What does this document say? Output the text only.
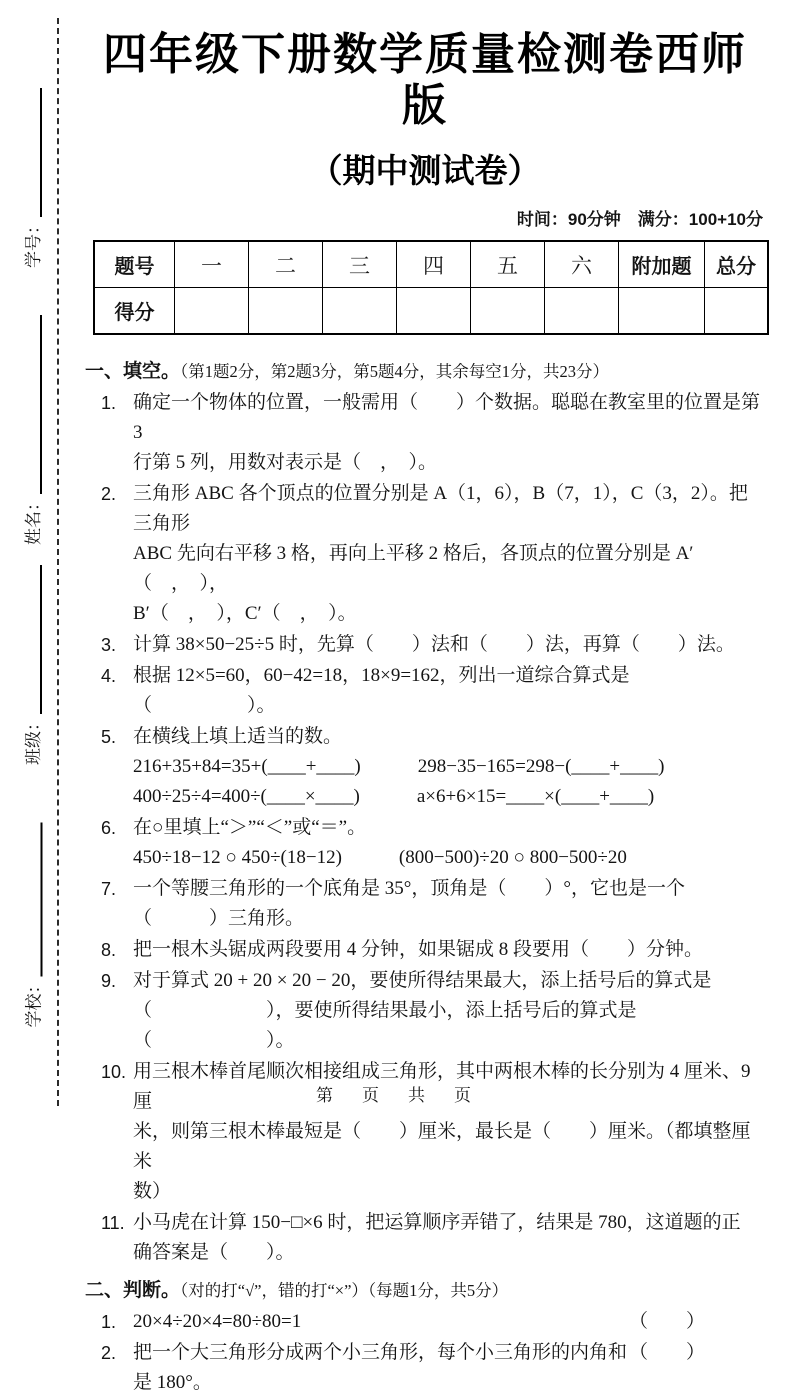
学号：
姓名：
班级：
学校：
四年级下册数学质量检测卷西师版
（期中测试卷）
时间：90分钟　满分：100+10分
题号	一	二	三	四	五	六	附加题	总分
得分
一、填空。（第1题2分，第2题3分，第5题4分，其余每空1分，共23分）
1. 确定一个物体的位置，一般需用（　　）个数据。聪聪在教室里的位置是第 3
行第 5 列，用数对表示是（　，　）。
2. 三角形 ABC 各个顶点的位置分别是 A（1，6），B（7，1），C（3，2）。把三角形
ABC 先向右平移 3 格，再向上平移 2 格后，各顶点的位置分别是 A′（　，　），
B′（　，　），C′（　，　）。
3. 计算 38×50−25÷5 时，先算（　　）法和（　　）法，再算（　　）法。
4. 根据 12×5=60，60−42=18，18×9=162，列出一道综合算式是（　　　　　）。
5. 在横线上填上适当的数。
216+35+84=35+(____+____)　　　298−35−165=298−(____+____)
400÷25÷4=400÷(____×____)　　　a×6+6×15=____×(____+____)
6. 在○里填上“＞”“＜”或“＝”。
450÷18−12 ○ 450÷(18−12)　　　(800−500)÷20 ○ 800−500÷20
7. 一个等腰三角形的一个底角是 35°，顶角是（　　）°，它也是一个（　　　）三角形。
8. 把一根木头锯成两段要用 4 分钟，如果锯成 8 段要用（　　）分钟。
9. 对于算式 20 + 20 × 20 − 20，要使所得结果最大，添上括号后的算式是
（　　　　　　），要使所得结果最小，添上括号后的算式是（　　　　　　）。
10. 用三根木棒首尾顺次相接组成三角形，其中两根木棒的长分别为 4 厘米、9 厘
米，则第三根木棒最短是（　　）厘米，最长是（　　）厘米。（都填整厘米
数）
11. 小马虎在计算 150−□×6 时，把运算顺序弄错了，结果是 780，这道题的正
确答案是（　　）。
二、判断。（对的打“√”，错的打“×”）（每题1分，共5分）
1. 20×4÷20×4=80÷80=1	（　　）
2. 把一个大三角形分成两个小三角形，每个小三角形的内角和是 180°。
（　　）
第　页　共　页
